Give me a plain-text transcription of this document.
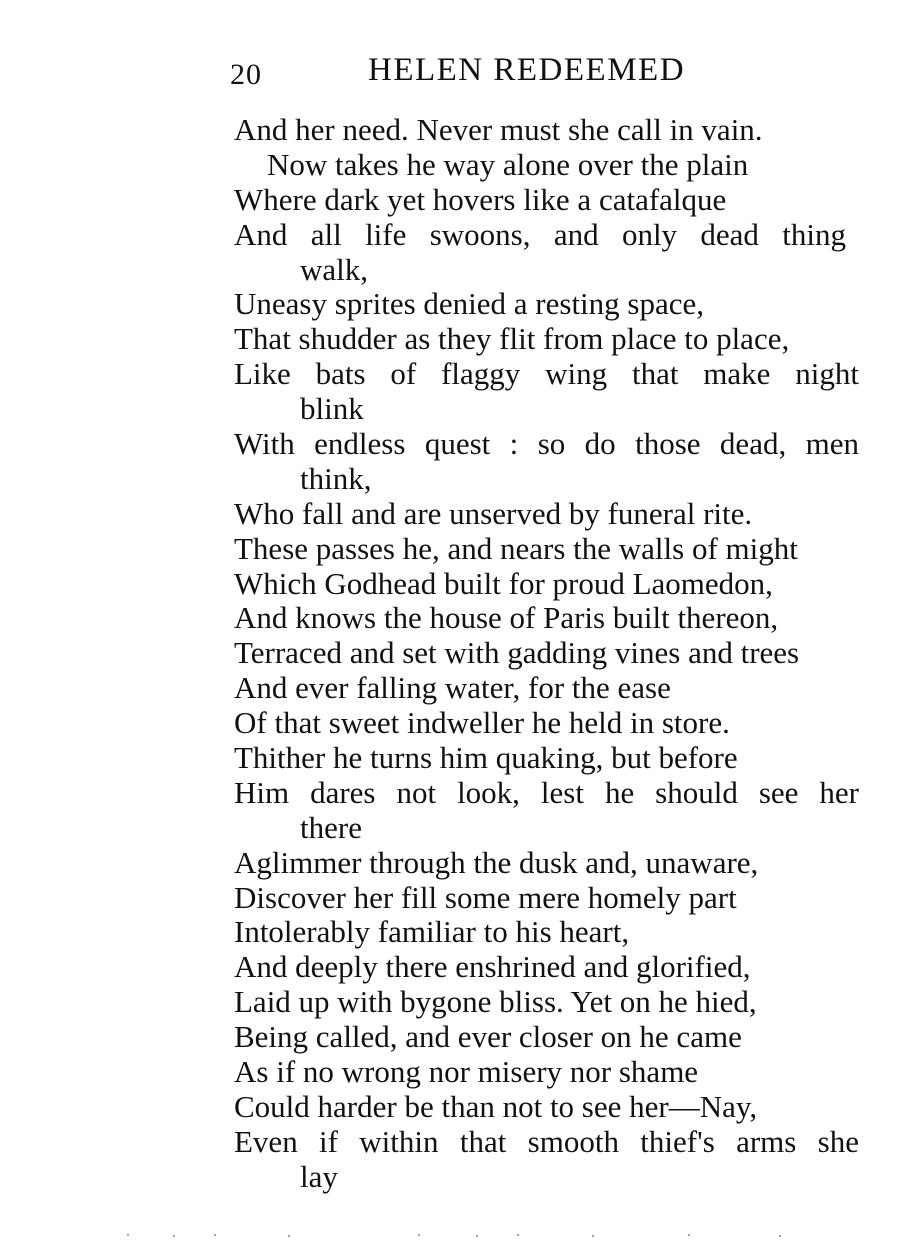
20	HELEN REDEEMED
And her need. Never must she call in vain.
Now takes he way alone over the plain
Where dark yet hovers like a catafalque
And all life swoons, and only dead thing
walk,
Uneasy sprites denied a resting space,
That shudder as they flit from place to place,
Like bats of flaggy wing that make night
blink
With endless quest : so do those dead, men
think,
Who fall and are unserved by funeral rite.
These passes he, and nears the walls of might
Which Godhead built for proud Laomedon,
And knows the house of Paris built thereon,
Terraced and set with gadding vines and trees
And ever falling water, for the ease
Of that sweet indweller he held in store.
Thither he turns him quaking, but before
Him dares not look, lest he should see her
there
Aglimmer through the dusk and, unaware,
Discover her fill some mere homely part
Intolerably familiar to his heart,
And deeply there enshrined and glorified,
Laid up with bygone bliss. Yet on he hied,
Being called, and ever closer on he came
As if no wrong nor misery nor shame
Could harder be than not to see her—Nay,
Even if within that smooth thief's arms she
lay
